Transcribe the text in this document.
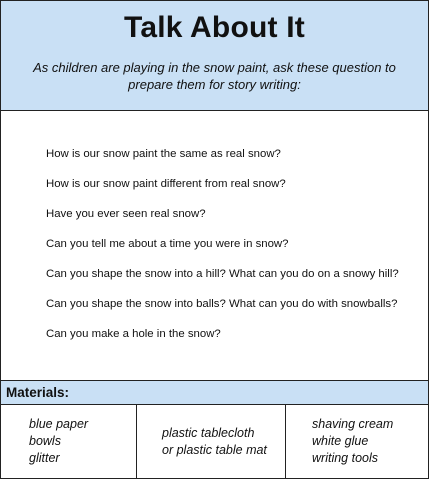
Talk About It
As children are playing in the snow paint, ask these question to prepare them for story writing:
How is our snow paint the same as real snow?
How is our snow paint different from real snow?
Have you ever seen real snow?
Can you tell me about a time you were in snow?
Can you shape the snow into a hill? What can you do on a snowy hill?
Can you shape the snow into balls? What can you do with snowballs?
Can you make a hole in the snow?
Materials:
blue paper
bowls
glitter
plastic tablecloth
or plastic table mat
shaving cream
white glue
writing tools
